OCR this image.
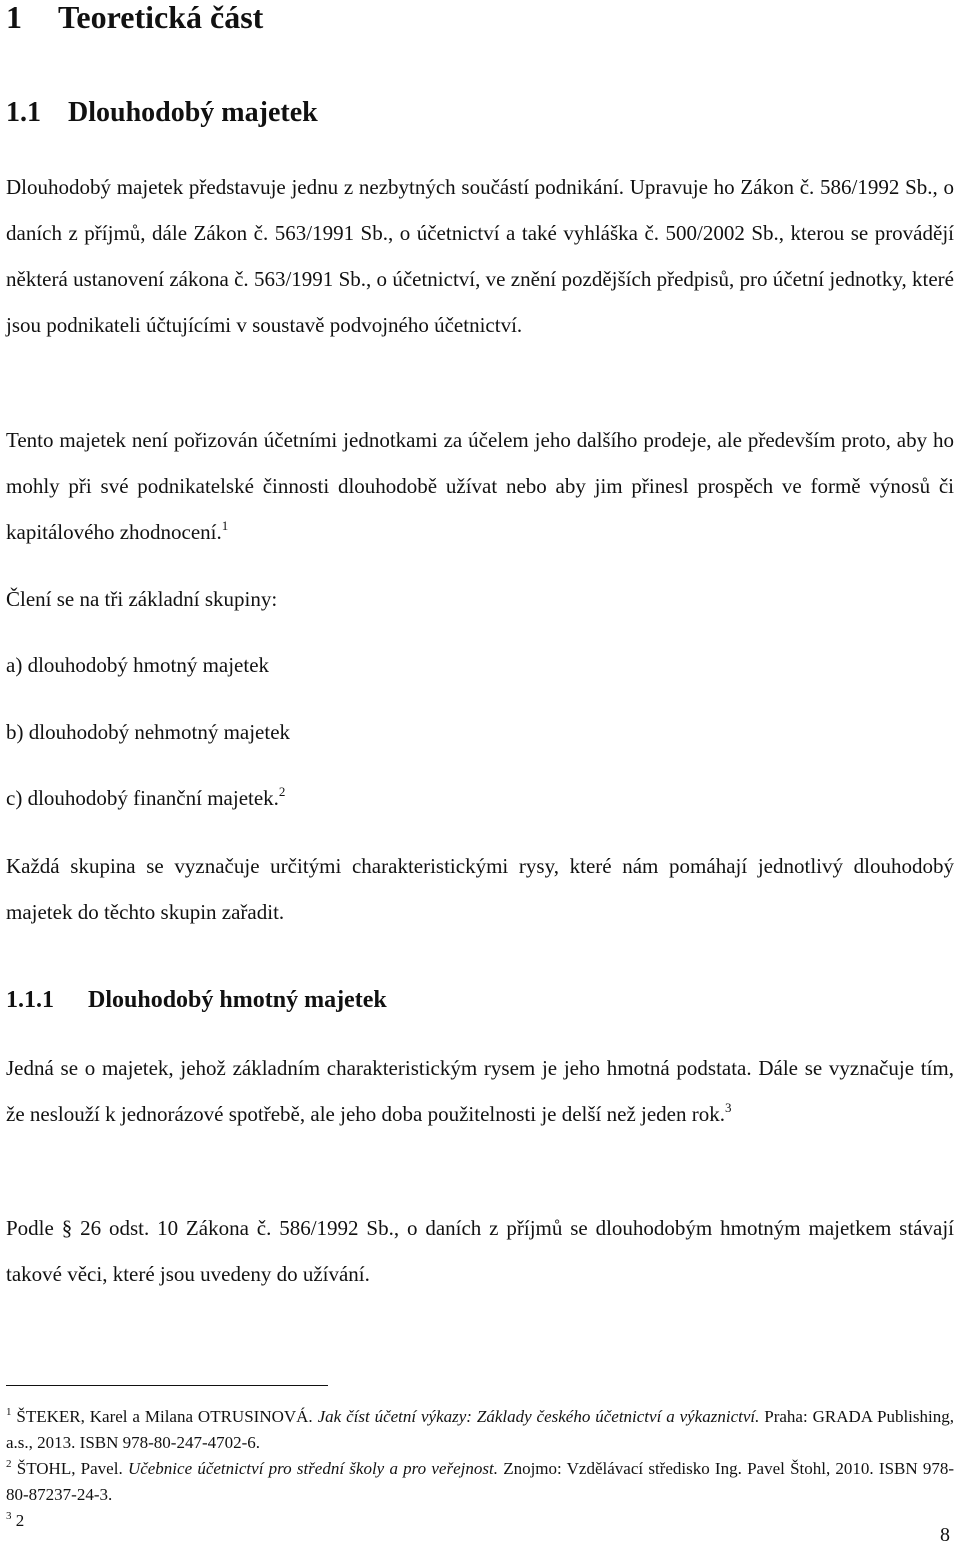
1 Teoretická část
1.1 Dlouhodobý majetek
Dlouhodobý majetek představuje jednu z nezbytných součástí podnikání. Upravuje ho Zákon č. 586/1992 Sb., o daních z příjmů, dále Zákon č. 563/1991 Sb., o účetnictví a také vyhláška č. 500/2002 Sb., kterou se provádějí některá ustanovení zákona č. 563/1991 Sb., o účetnictví, ve znění pozdějších předpisů, pro účetní jednotky, které jsou podnikateli účtujícími v soustavě podvojného účetnictví.
Tento majetek není pořizován účetními jednotkami za účelem jeho dalšího prodeje, ale především proto, aby ho mohly při své podnikatelské činnosti dlouhodobě užívat nebo aby jim přinesl prospěch ve formě výnosů či kapitálového zhodnocení.$^1$
Člení se na tři základní skupiny:
a) dlouhodobý hmotný majetek
b) dlouhodobý nehmotný majetek
c) dlouhodobý finanční majetek.$^2$
Každá skupina se vyznačuje určitými charakteristickými rysy, které nám pomáhají jednotlivý dlouhodobý majetek do těchto skupin zařadit.
1.1.1 Dlouhodobý hmotný majetek
Jedná se o majetek, jehož základním charakteristickým rysem je jeho hmotná podstata. Dále se vyznačuje tím, že neslouží k jednorázové spotřebě, ale jeho doba použitelnosti je delší než jeden rok.$^3$
Podle § 26 odst. 10 Zákona č. 586/1992 Sb., o daních z příjmů se dlouhodobým hmotným majetkem stávají takové věci, které jsou uvedeny do užívání.
$^1$ ŠTEKER, Karel a Milana OTRUSINOVÁ. Jak číst účetní výkazy: Základy českého účetnictví a výkaznictví. Praha: GRADA Publishing, a.s., 2013. ISBN 978-80-247-4702-6.
$^2$ ŠTOHL, Pavel. Učebnice účetnictví pro střední školy a pro veřejnost. Znojmo: Vzdělávací středisko Ing. Pavel Štohl, 2010. ISBN 978-80-87237-24-3.
$^3$ 2
8
